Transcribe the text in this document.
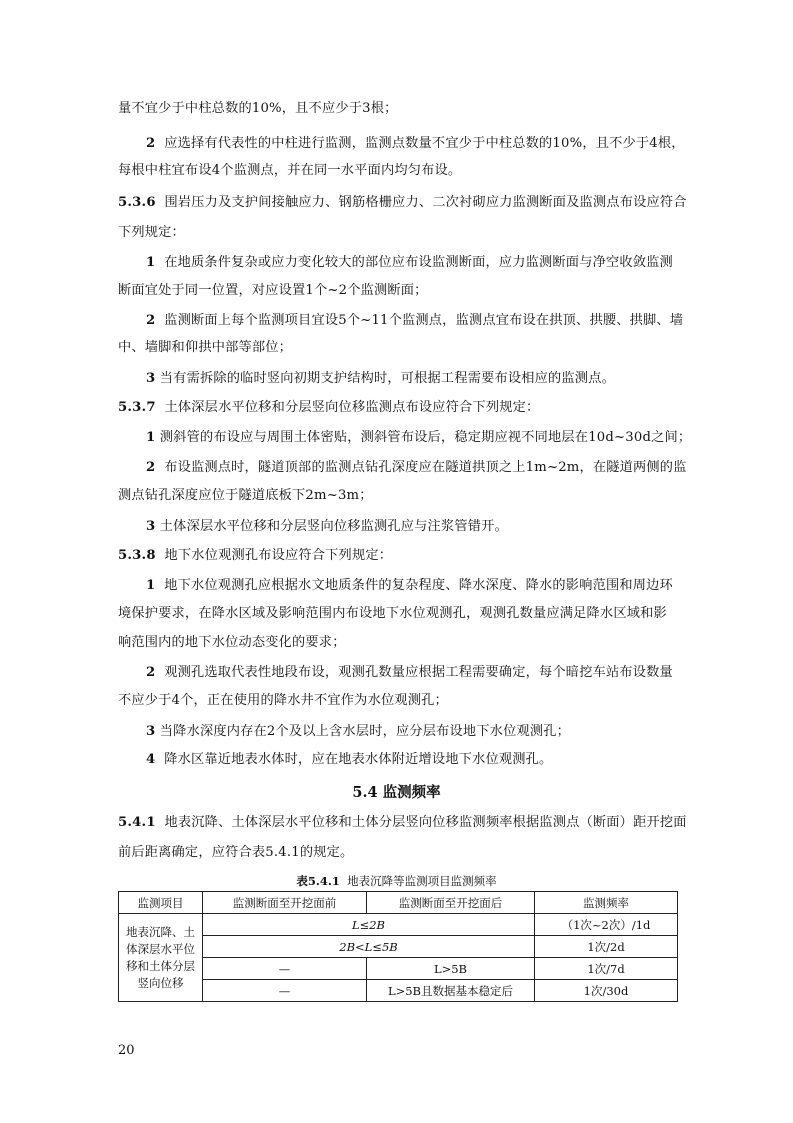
量不宜少于中柱总数的10%，且不应少于3根；
2 应选择有代表性的中柱进行监测，监测点数量不宜少于中柱总数的10%，且不少于4根，
每根中柱宜布设4个监测点，并在同一水平面内均匀布设。
5.3.6 围岩压力及支护间接触应力、钢筋格栅应力、二次衬砌应力监测断面及监测点布设应符合
下列规定：
1 在地质条件复杂或应力变化较大的部位应布设监测断面，应力监测断面与净空收敛监测
断面宜处于同一位置，对应设置1个~2个监测断面；
2 监测断面上每个监测项目宜设5个~11个监测点，监测点宜布设在拱顶、拱腰、拱脚、墙
中、墙脚和仰拱中部等部位；
3 当有需拆除的临时竖向初期支护结构时，可根据工程需要布设相应的监测点。
5.3.7 土体深层水平位移和分层竖向位移监测点布设应符合下列规定：
1 测斜管的布设应与周围土体密贴，测斜管布设后，稳定期应视不同地层在10d~30d之间；
2 布设监测点时，隧道顶部的监测点钻孔深度应在隧道拱顶之上1m~2m，在隧道两侧的监
测点钻孔深度应位于隧道底板下2m~3m；
3 土体深层水平位移和分层竖向位移监测孔应与注浆管错开。
5.3.8 地下水位观测孔布设应符合下列规定：
1 地下水位观测孔应根据水文地质条件的复杂程度、降水深度、降水的影响范围和周边环
境保护要求，在降水区域及影响范围内布设地下水位观测孔，观测孔数量应满足降水区域和影
响范围内的地下水位动态变化的要求；
2 观测孔选取代表性地段布设，观测孔数量应根据工程需要确定，每个暗挖车站布设数量
不应少于4个，正在使用的降水井不宜作为水位观测孔；
3 当降水深度内存在2个及以上含水层时，应分层布设地下水位观测孔；
4 降水区靠近地表水体时，应在地表水体附近增设地下水位观测孔。
5.4 监测频率
5.4.1 地表沉降、土体深层水平位移和土体分层竖向位移监测频率根据监测点（断面）距开挖面
前后距离确定，应符合表5.4.1的规定。
表5.4.1 地表沉降等监测项目监测频率
监测项目	监测断面至开挖面前	监测断面至开挖面后	监测频率
地表沉降、土
体深层水平位
移和土体分层
竖向位移	L≤2B		（1次~2次）/1d
	2B<L≤5B		1次/2d
	—	L>5B	1次/7d
	—	L>5B且数据基本稳定后	1次/30d
20
